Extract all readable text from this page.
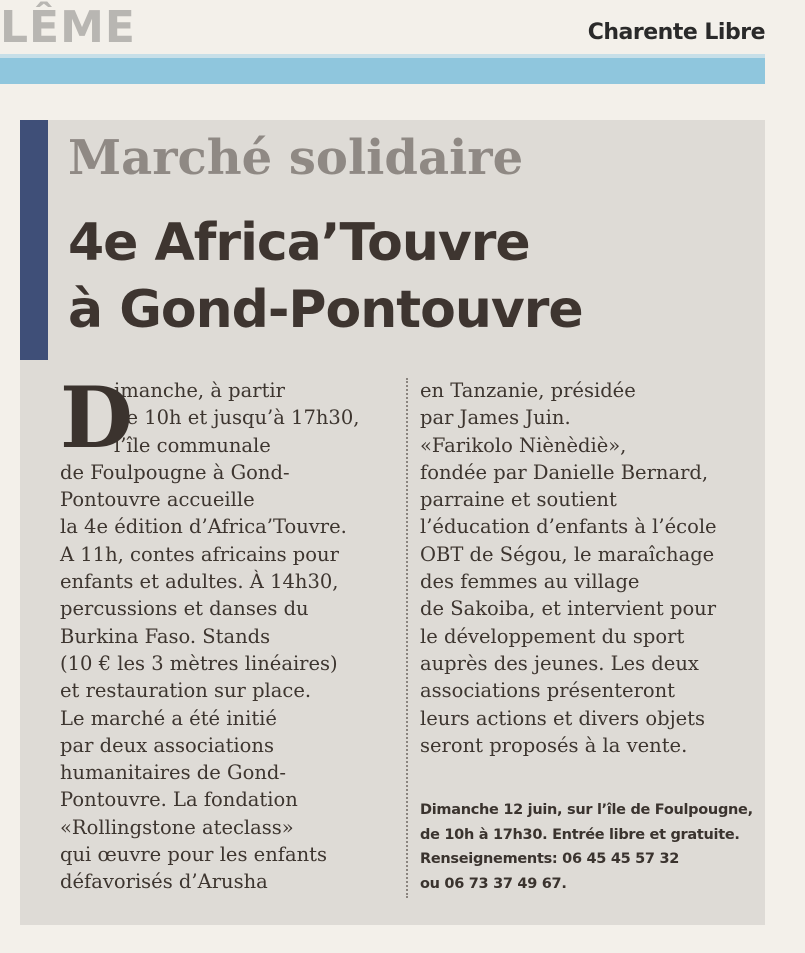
LÊME	Charente Libre
Marché solidaire
4e Africa’Touvre
à Gond-Pontouvre
D
imanche, à partir
de 10h et jusqu’à 17h30,
l’île communale
de Foulpougne à Gond-
Pontouvre accueille
la 4e édition d’Africa’Touvre.
A 11h, contes africains pour
enfants et adultes. À 14h30,
percussions et danses du
Burkina Faso. Stands
(10 € les 3 mètres linéaires)
et restauration sur place.
Le marché a été initié
par deux associations
humanitaires de Gond-
Pontouvre. La fondation
«Rollingstone ateclass»
qui œuvre pour les enfants
défavorisés d’Arusha
en Tanzanie, présidée
par James Juin.
«Farikolo Niènèdiè»,
fondée par Danielle Bernard,
parraine et soutient
l’éducation d’enfants à l’école
OBT de Ségou, le maraîchage
des femmes au village
de Sakoiba, et intervient pour
le développement du sport
auprès des jeunes. Les deux
associations présenteront
leurs actions et divers objets
seront proposés à la vente.
Dimanche 12 juin, sur l’île de Foulpougne,
de 10h à 17h30. Entrée libre et gratuite.
Renseignements: 06 45 45 57 32
ou 06 73 37 49 67.
